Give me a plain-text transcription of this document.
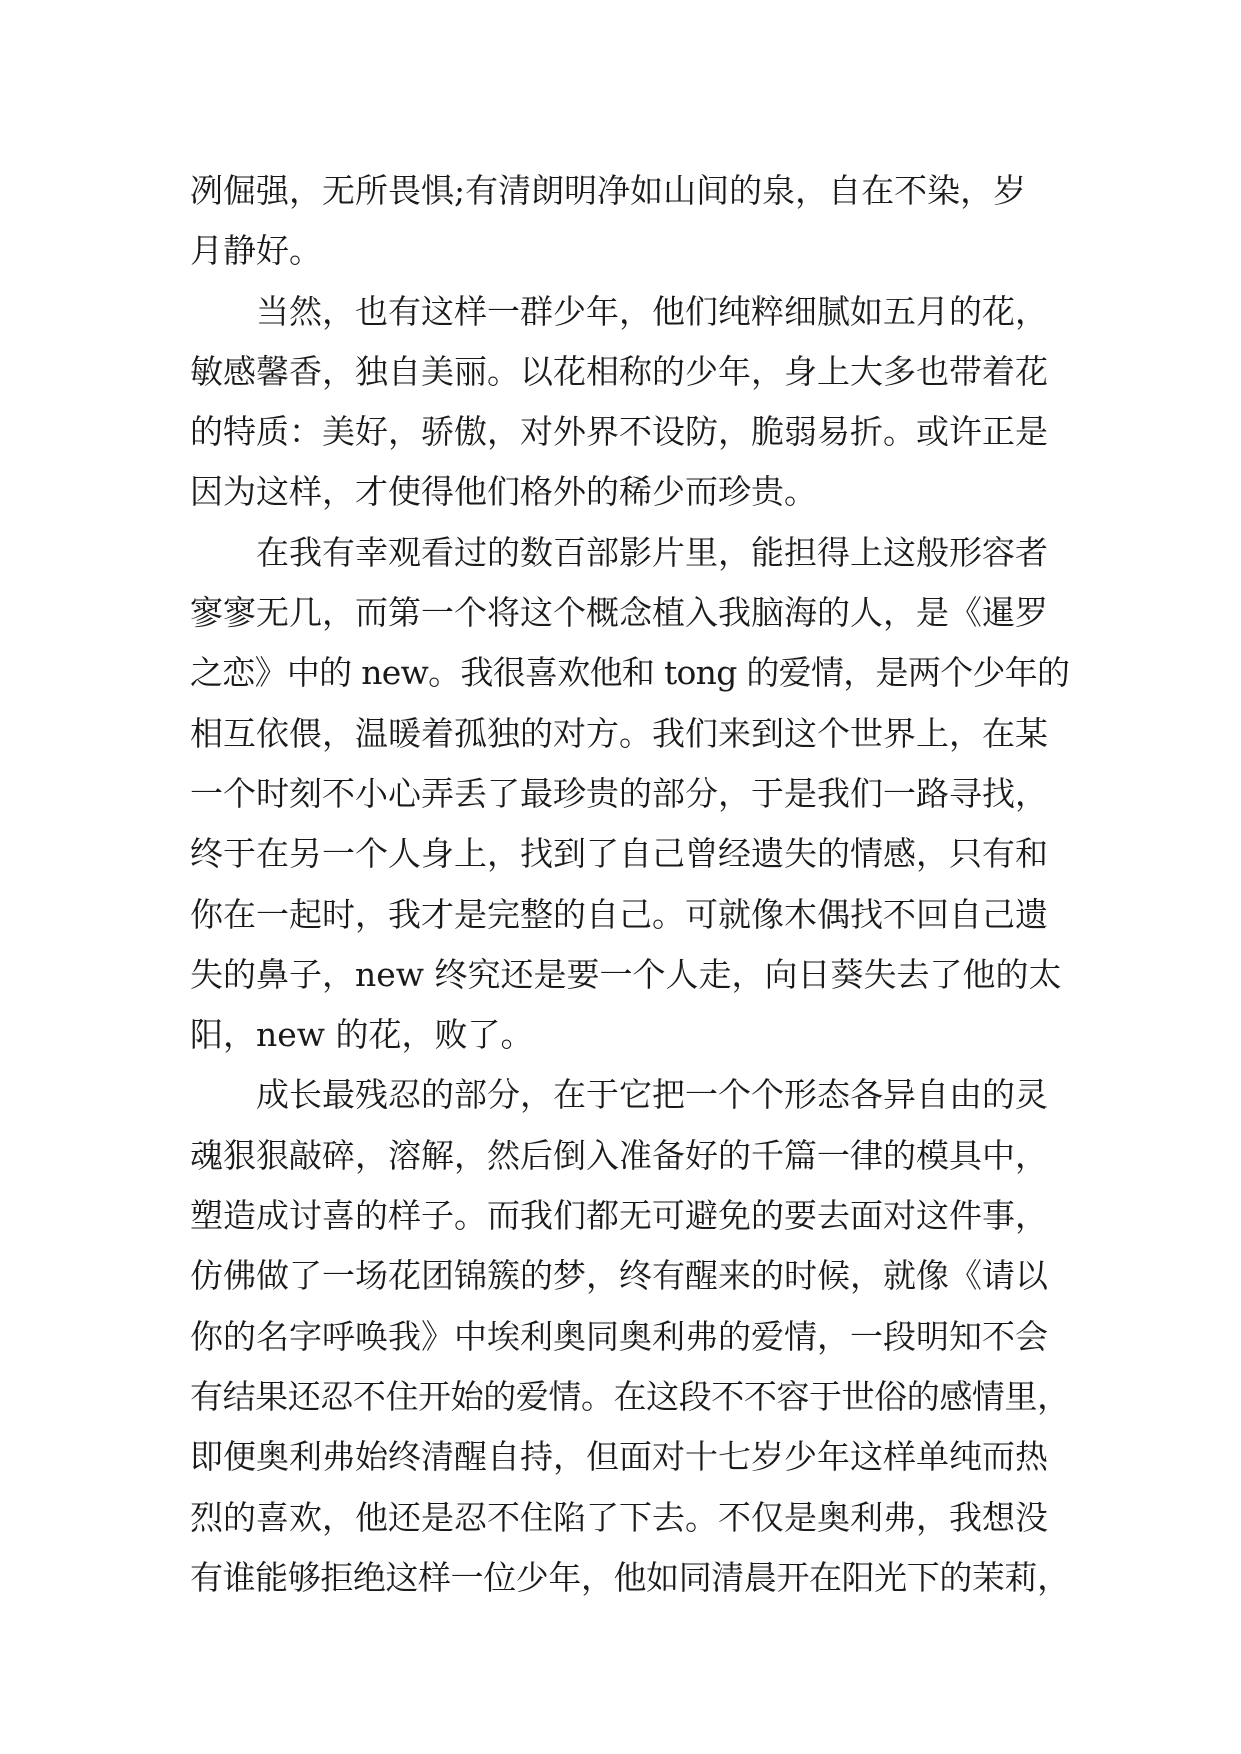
冽倔强，无所畏惧;有清朗明净如山间的泉，自在不染，岁
月静好。
当然，也有这样一群少年，他们纯粹细腻如五月的花，
敏感馨香，独自美丽。以花相称的少年，身上大多也带着花
的特质：美好，骄傲，对外界不设防，脆弱易折。或许正是
因为这样，才使得他们格外的稀少而珍贵。
在我有幸观看过的数百部影片里，能担得上这般形容者
寥寥无几，而第一个将这个概念植入我脑海的人，是《暹罗
之恋》中的 new。我很喜欢他和 tong 的爱情，是两个少年的
相互依偎，温暖着孤独的对方。我们来到这个世界上，在某
一个时刻不小心弄丢了最珍贵的部分，于是我们一路寻找，
终于在另一个人身上，找到了自己曾经遗失的情感，只有和
你在一起时，我才是完整的自己。可就像木偶找不回自己遗
失的鼻子，new 终究还是要一个人走，向日葵失去了他的太
阳，new 的花，败了。
成长最残忍的部分，在于它把一个个形态各异自由的灵
魂狠狠敲碎，溶解，然后倒入准备好的千篇一律的模具中，
塑造成讨喜的样子。而我们都无可避免的要去面对这件事，
仿佛做了一场花团锦簇的梦，终有醒来的时候，就像《请以
你的名字呼唤我》中埃利奥同奥利弗的爱情，一段明知不会
有结果还忍不住开始的爱情。在这段不不容于世俗的感情里，
即便奥利弗始终清醒自持，但面对十七岁少年这样单纯而热
烈的喜欢，他还是忍不住陷了下去。不仅是奥利弗，我想没
有谁能够拒绝这样一位少年，他如同清晨开在阳光下的茉莉，
